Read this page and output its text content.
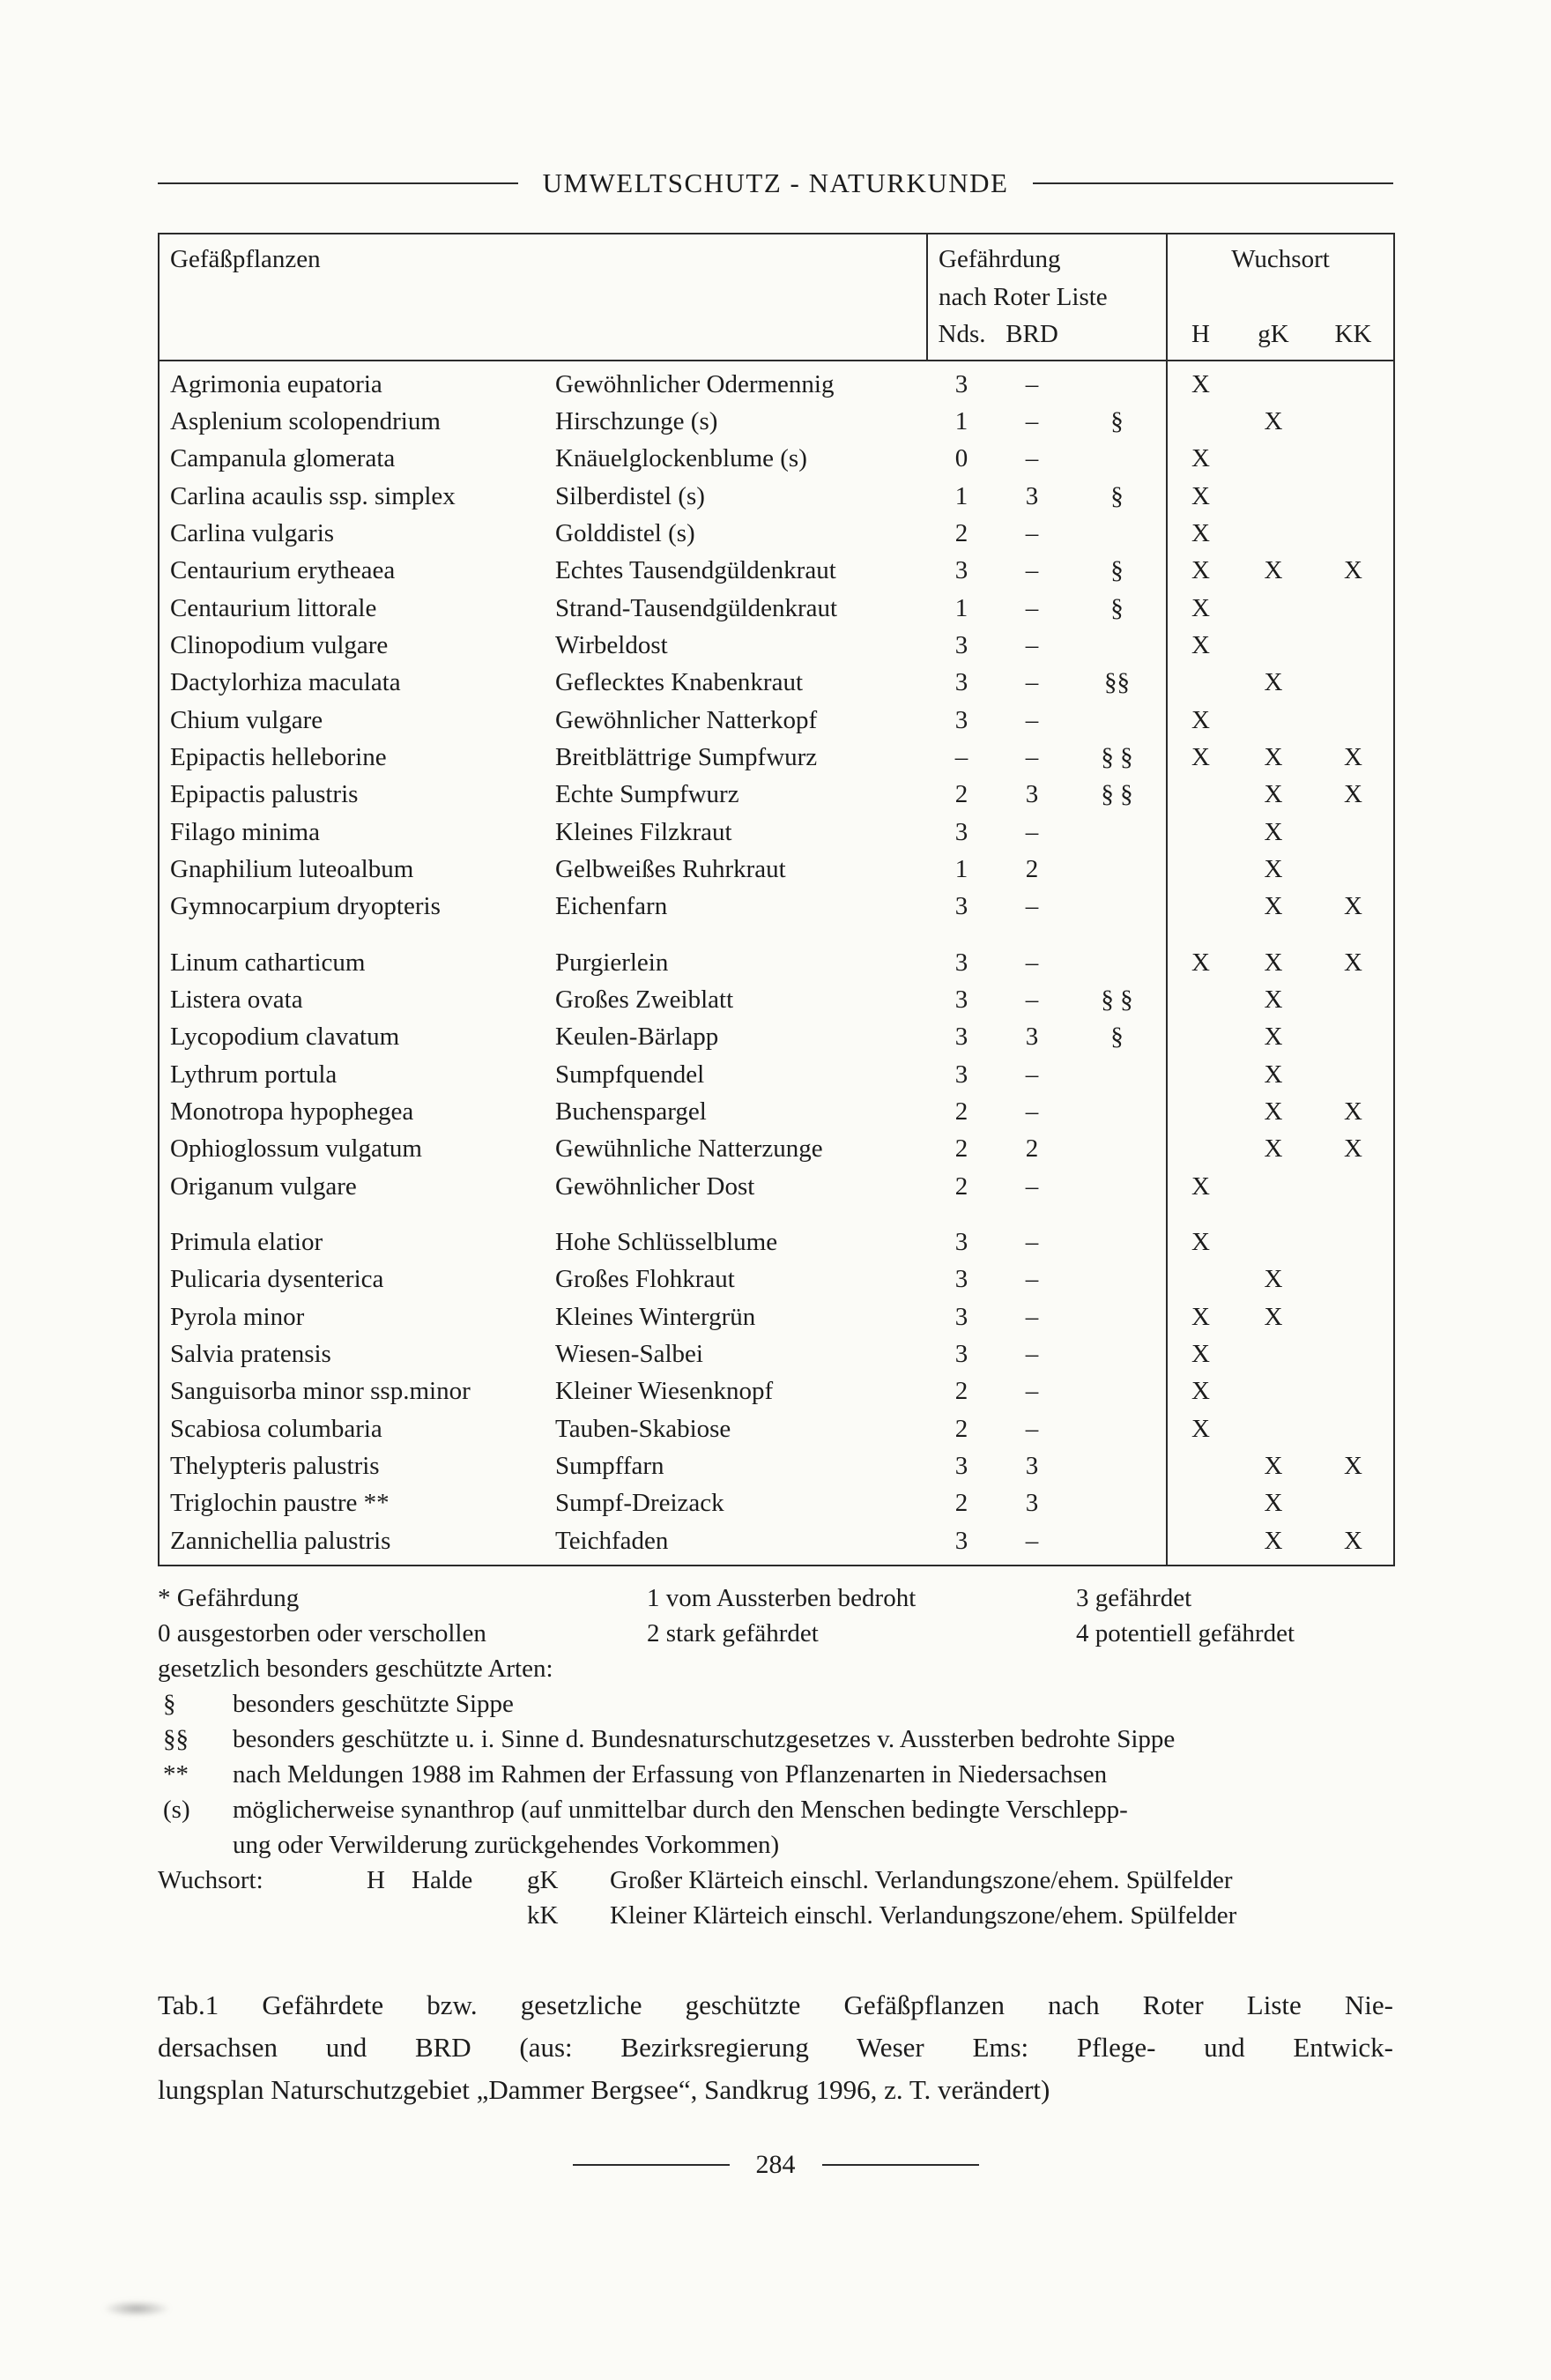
UMWELTSCHUTZ - NATURKUNDE
Gefäßpflanzen		Gefährdung			Wuchsort		
		nach Roter Liste					
		Nds.	BRD		H	gK	KK
Agrimonia eupatoria	Gewöhnlicher Odermennig	3	–		X		
Asplenium scolopendrium	Hirschzunge (s)	1	–	§		X	
Campanula glomerata	Knäuelglockenblume (s)	0	–		X		
Carlina acaulis ssp. simplex	Silberdistel (s)	1	3	§	X		
Carlina vulgaris	Golddistel (s)	2	–		X		
Centaurium erytheaea	Echtes Tausendgüldenkraut	3	–	§	X	X	X
Centaurium littorale	Strand-Tausendgüldenkraut	1	–	§	X		
Clinopodium vulgare	Wirbeldost	3	–		X		
Dactylorhiza maculata	Geflecktes Knabenkraut	3	–	§§		X	
Chium vulgare	Gewöhnlicher Natterkopf	3	–		X		
Epipactis helleborine	Breitblättrige Sumpfwurz	–	–	§ §	X	X	X
Epipactis palustris	Echte Sumpfwurz	2	3	§ §		X	X
Filago minima	Kleines Filzkraut	3	–			X	
Gnaphilium luteoalbum	Gelbweißes Ruhrkraut	1	2			X	
Gymnocarpium dryopteris	Eichenfarn	3	–			X	X
Linum catharticum	Purgierlein	3	–		X	X	X
Listera ovata	Großes Zweiblatt	3	–	§ §		X	
Lycopodium clavatum	Keulen-Bärlapp	3	3	§		X	
Lythrum portula	Sumpfquendel	3	–			X	
Monotropa hypophegea	Buchenspargel	2	–			X	X
Ophioglossum vulgatum	Gewühnliche Natterzunge	2	2			X	X
Origanum vulgare	Gewöhnlicher Dost	2	–		X		
Primula elatior	Hohe Schlüsselblume	3	–		X		
Pulicaria dysenterica	Großes Flohkraut	3	–			X	
Pyrola minor	Kleines Wintergrün	3	–		X	X	
Salvia pratensis	Wiesen-Salbei	3	–		X		
Sanguisorba minor ssp.minor	Kleiner Wiesenknopf	2	–		X		
Scabiosa columbaria	Tauben-Skabiose	2	–		X		
Thelypteris palustris	Sumpffarn	3	3			X	X
Triglochin paustre **	Sumpf-Dreizack	2	3			X	
Zannichellia palustris	Teichfaden	3	–			X	X
* Gefährdung	1 vom Aussterben bedroht	3 gefährdet
0 ausgestorben oder verschollen	2 stark gefährdet	4 potentiell gefährdet
gesetzlich besonders geschützte Arten:
§	besonders geschützte Sippe
§§	besonders geschützte u. i. Sinne d. Bundesnaturschutzgesetzes v. Aussterben bedrohte Sippe
**	nach Meldungen 1988 im Rahmen der Erfassung von Pflanzenarten in Niedersachsen
(s)	möglicherweise synanthrop (auf unmittelbar durch den Menschen bedingte Verschlepp-
ung oder Verwilderung zurückgehendes Vorkommen)
Wuchsort:	H	Halde	gK	Großer Klärteich einschl. Verlandungszone/ehem. Spülfelder
kK	Kleiner Klärteich einschl. Verlandungszone/ehem. Spülfelder
Tab.1 Gefährdete bzw. gesetzliche geschützte Gefäßpflanzen nach Roter Liste Nie-
dersachsen und BRD (aus: Bezirksregierung Weser Ems: Pflege- und Entwick-
lungsplan Naturschutzgebiet „Dammer Bergsee“, Sandkrug 1996, z. T. verändert)
284
